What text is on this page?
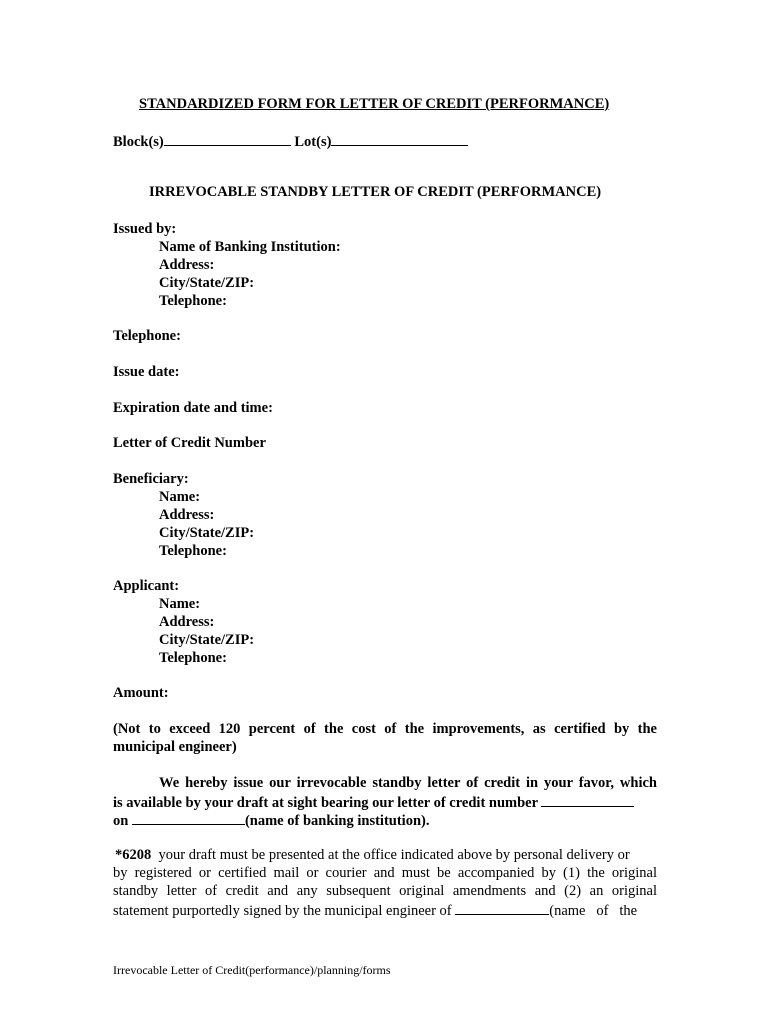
STANDARDIZED FORM FOR LETTER OF CREDIT (PERFORMANCE)
Block(s)	Lot(s)
IRREVOCABLE STANDBY LETTER OF CREDIT (PERFORMANCE)
Issued by:
Name of Banking Institution:
Address:
City/State/ZIP:
Telephone:
Telephone:
Issue date:
Expiration date and time:
Letter of Credit Number
Beneficiary:
Name:
Address:
City/State/ZIP:
Telephone:
Applicant:
Name:
Address:
City/State/ZIP:
Telephone:
Amount:
(Not to exceed 120 percent of the cost of the improvements, as certified by the
municipal engineer)
We hereby issue our irrevocable standby letter of credit in your favor, which
is available by your draft at sight bearing our letter of credit number
on	(name of banking institution).
*6208 your draft must be presented at the office indicated above by personal delivery or
by registered or certified mail or courier and must be accompanied by (1) the original
standby letter of credit and any subsequent original amendments and (2) an original
statement purportedly signed by the municipal engineer of	(name   of   the
Irrevocable Letter of Credit(performance)/planning/forms
